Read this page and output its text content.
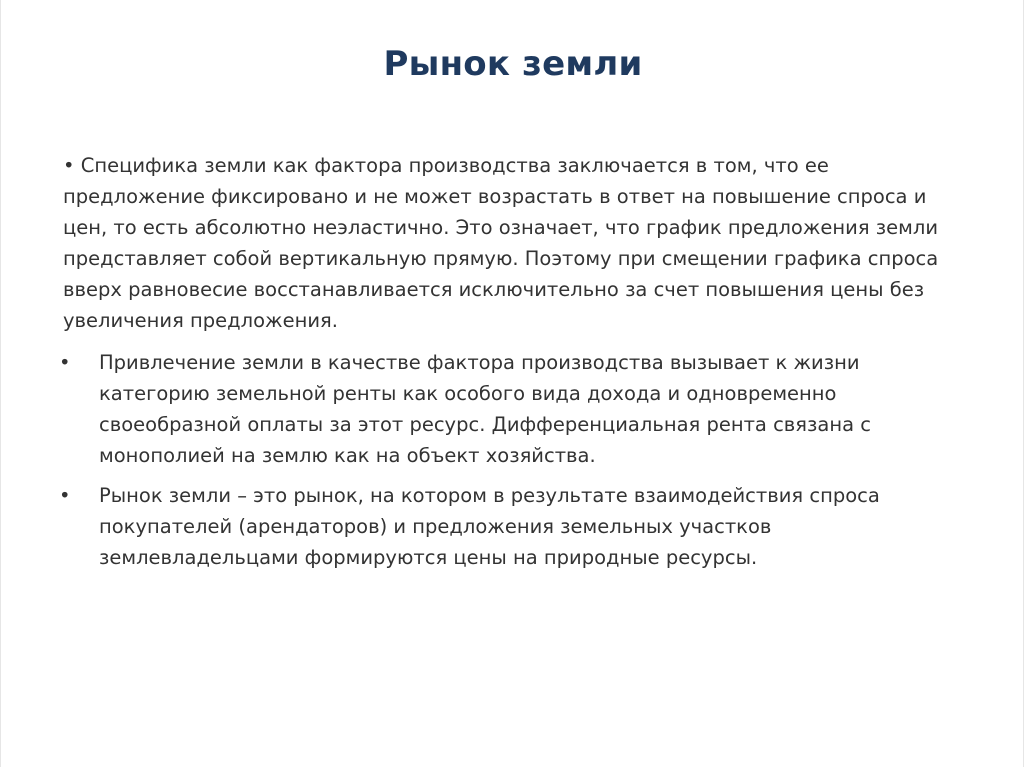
Рынок земли
• Специфика земли как фактора производства заключается в том, что ее предложение фиксировано и не может возрастать в ответ на повышение спроса и цен, то есть абсолютно неэластично. Это означает, что график предложения земли представляет собой вертикальную прямую. Поэтому при смещении графика спроса вверх равновесие восстанавливается исключительно за счет повышения цены без увеличения предложения.
•	Привлечение земли в качестве фактора производства вызывает к жизни категорию земельной ренты как особого вида дохода и одновременно своеобразной оплаты за этот ресурс. Дифференциальная рента связана с монополией на землю как на объект хозяйства.
•	Рынок земли – это рынок, на котором в результате взаимодействия спроса покупателей (арендаторов) и предложения земельных участков землевладельцами формируются цены на природные ресурсы.
